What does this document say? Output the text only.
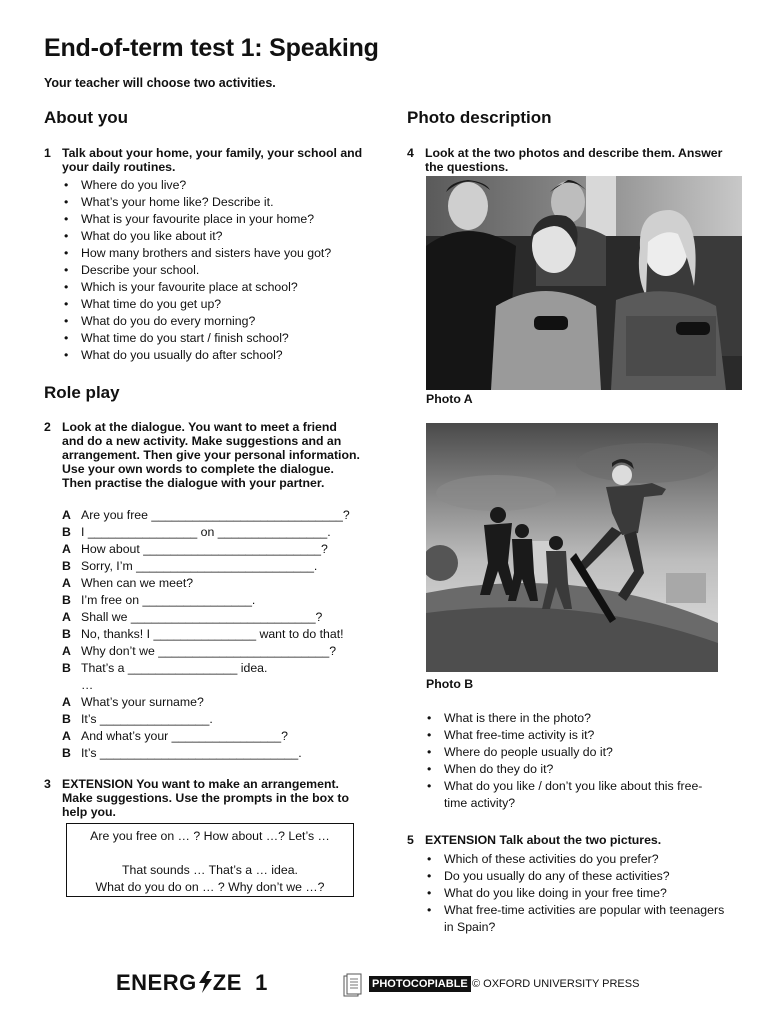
End-of-term test 1: Speaking

Your teacher will choose two activities.

About you
1 Talk about your home, your family, your school and your daily routines.
• Where do you live?
• What’s your home like? Describe it.
• What is your favourite place in your home?
• What do you like about it?
• How many brothers and sisters have you got?
• Describe your school.
• Which is your favourite place at school?
• What time do you get up?
• What do you do every morning?
• What time do you start / finish school?
• What do you usually do after school?
Role play
2 Look at the dialogue. You want to meet a friend and do a new activity. Make suggestions and an arrangement. Then give your personal information. Use your own words to complete the dialogue. Then practise the dialogue with your partner.
A Are you free ____________________________?
B I ________________ on ________________.
A How about __________________________?
B Sorry, I’m __________________________.
A When can we meet?
B I’m free on ________________.
A Shall we ___________________________?
B No, thanks! I _______________ want to do that!
A Why don’t we _________________________?
B That’s a ________________ idea.
…
A What’s your surname?
B It’s ________________.
A And what’s your ________________?
B It’s _____________________________.
3 EXTENSION You want to make an arrangement. Make suggestions. Use the prompts in the box to help you.
Are you free on … ? How about …? Let’s …
That sounds … That’s a … idea.
What do you do on … ? Why don’t we …?
Photo description
4 Look at the two photos and describe them. Answer the questions.
Photo A
Photo B
• What is there in the photo?
• What free-time activity is it?
• Where do people usually do it?
• When do they do it?
• What do you like / don’t you like about this free-time activity?
5 EXTENSION Talk about the two pictures.
• Which of these activities do you prefer?
• Do you usually do any of these activities?
• What do you like doing in your free time?
• What free-time activities are popular with teenagers in Spain?
ENERG ZE 1	PHOTOCOPIABLE © OXFORD UNIVERSITY PRESS
